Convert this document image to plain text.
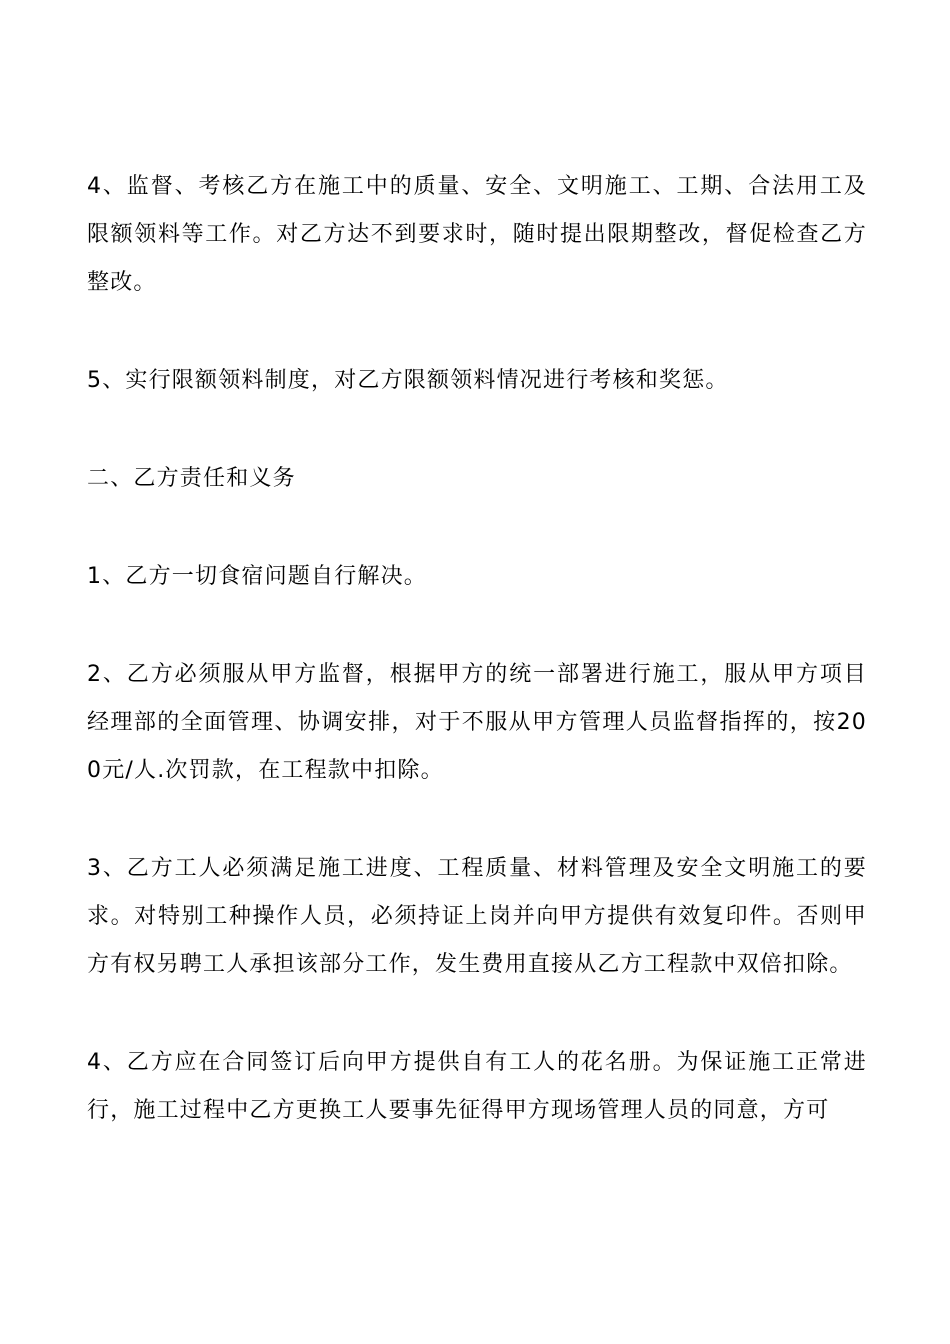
4、监督、考核乙方在施工中的质量、安全、文明施工、工期、合法用工及限额领料等工作。对乙方达不到要求时，随时提出限期整改，督促检查乙方整改。

5、实行限额领料制度，对乙方限额领料情况进行考核和奖惩。

二、乙方责任和义务

1、乙方一切食宿问题自行解决。

2、乙方必须服从甲方监督，根据甲方的统一部署进行施工，服从甲方项目经理部的全面管理、协调安排，对于不服从甲方管理人员监督指挥的，按200元/人.次罚款，在工程款中扣除。

3、乙方工人必须满足施工进度、工程质量、材料管理及安全文明施工的要求。对特别工种操作人员，必须持证上岗并向甲方提供有效复印件。否则甲方有权另聘工人承担该部分工作，发生费用直接从乙方工程款中双倍扣除。

4、乙方应在合同签订后向甲方提供自有工人的花名册。为保证施工正常进行，施工过程中乙方更换工人要事先征得甲方现场管理人员的同意，方可
